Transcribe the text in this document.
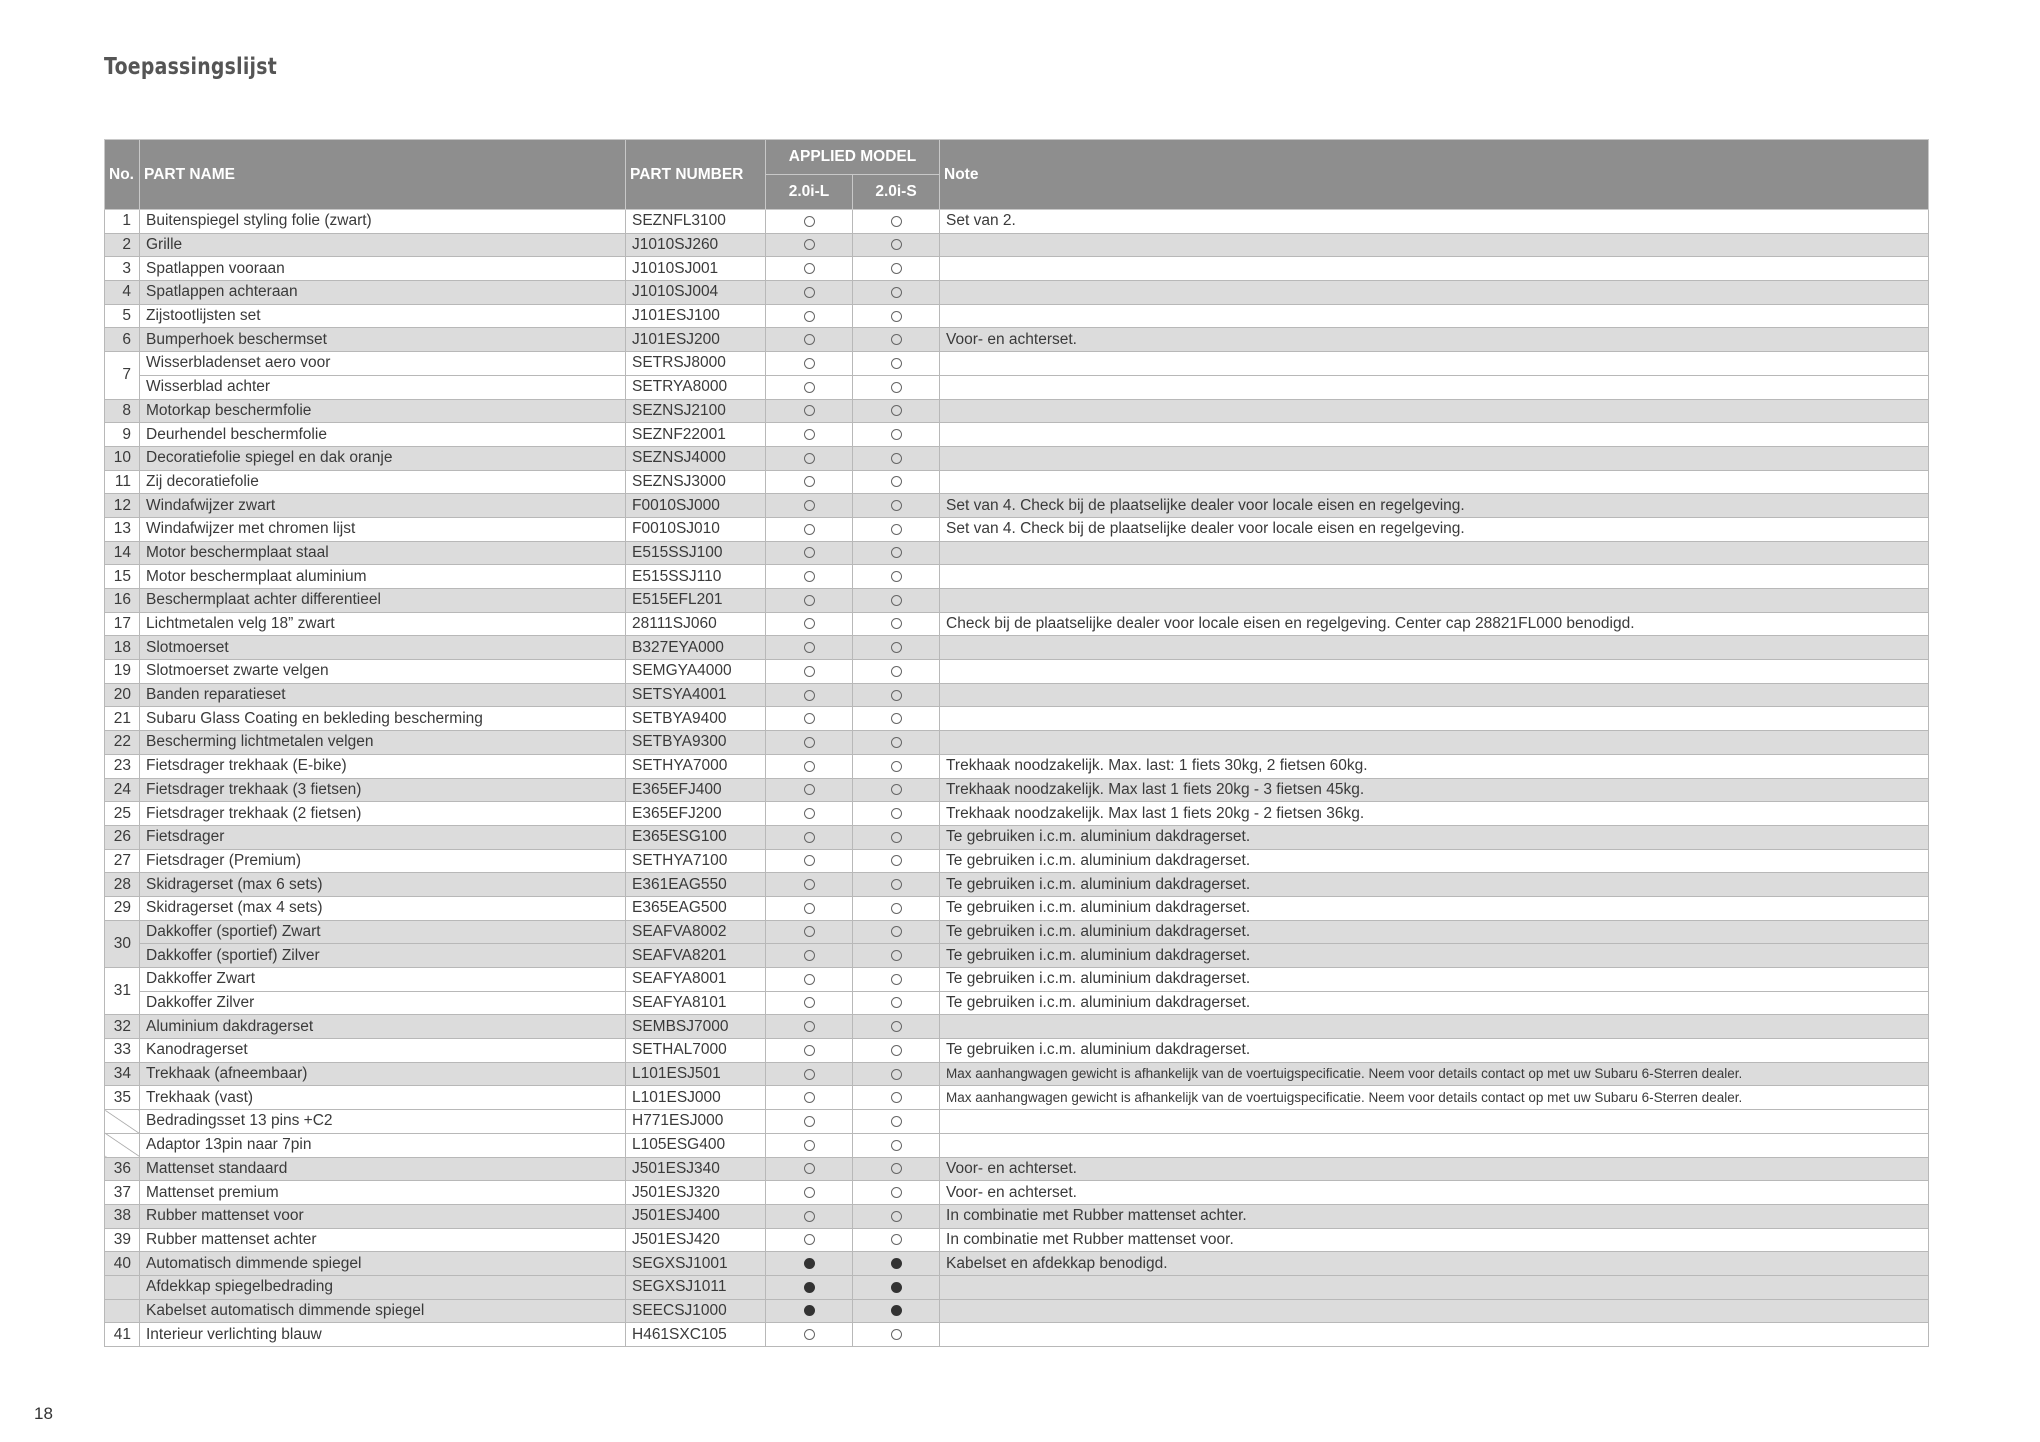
Toepassingslijst
No.	PART NAME	PART NUMBER	APPLIED MODEL		Note
			2.0i-L	2.0i-S	
1	Buitenspiegel styling folie (zwart)	SEZNFL3100			Set van 2.
2	Grille	J1010SJ260			
3	Spatlappen vooraan	J1010SJ001			
4	Spatlappen achteraan	J1010SJ004			
5	Zijstootlijsten set	J101ESJ100			
6	Bumperhoek beschermset	J101ESJ200			Voor- en achterset.
7	Wisserbladenset aero voor	SETRSJ8000			
	Wisserblad achter	SETRYA8000			
8	Motorkap beschermfolie	SEZNSJ2100			
9	Deurhendel beschermfolie	SEZNF22001			
10	Decoratiefolie spiegel en dak oranje	SEZNSJ4000			
11	Zij decoratiefolie	SEZNSJ3000			
12	Windafwijzer zwart	F0010SJ000			Set van 4. Check bij de plaatselijke dealer voor locale eisen en regelgeving.
13	Windafwijzer met chromen lijst	F0010SJ010			Set van 4. Check bij de plaatselijke dealer voor locale eisen en regelgeving.
14	Motor beschermplaat staal	E515SSJ100			
15	Motor beschermplaat aluminium	E515SSJ110			
16	Beschermplaat achter differentieel	E515EFL201			
17	Lichtmetalen velg 18” zwart	28111SJ060			Check bij de plaatselijke dealer voor locale eisen en regelgeving. Center cap 28821FL000 benodigd.
18	Slotmoerset	B327EYA000			
19	Slotmoerset zwarte velgen	SEMGYA4000			
20	Banden reparatieset	SETSYA4001			
21	Subaru Glass Coating en bekleding bescherming	SETBYA9400			
22	Bescherming lichtmetalen velgen	SETBYA9300			
23	Fietsdrager trekhaak (E-bike)	SETHYA7000			Trekhaak noodzakelijk. Max. last: 1 fiets 30kg, 2 fietsen 60kg.
24	Fietsdrager trekhaak (3 fietsen)	E365EFJ400			Trekhaak noodzakelijk. Max last 1 fiets 20kg - 3 fietsen 45kg.
25	Fietsdrager trekhaak (2 fietsen)	E365EFJ200			Trekhaak noodzakelijk. Max last 1 fiets 20kg - 2 fietsen 36kg.
26	Fietsdrager	E365ESG100			Te gebruiken i.c.m. aluminium dakdragerset.
27	Fietsdrager (Premium)	SETHYA7100			Te gebruiken i.c.m. aluminium dakdragerset.
28	Skidragerset (max 6 sets)	E361EAG550			Te gebruiken i.c.m. aluminium dakdragerset.
29	Skidragerset (max 4 sets)	E365EAG500			Te gebruiken i.c.m. aluminium dakdragerset.
30	Dakkoffer (sportief) Zwart	SEAFVA8002			Te gebruiken i.c.m. aluminium dakdragerset.
	Dakkoffer (sportief) Zilver	SEAFVA8201			Te gebruiken i.c.m. aluminium dakdragerset.
31	Dakkoffer Zwart	SEAFYA8001			Te gebruiken i.c.m. aluminium dakdragerset.
	Dakkoffer Zilver	SEAFYA8101			Te gebruiken i.c.m. aluminium dakdragerset.
32	Aluminium dakdragerset	SEMBSJ7000			
33	Kanodragerset	SETHAL7000			Te gebruiken i.c.m. aluminium dakdragerset.
34	Trekhaak (afneembaar)	L101ESJ501			Max aanhangwagen gewicht is afhankelijk van de voertuigspecificatie. Neem voor details contact op met uw Subaru 6-Sterren dealer.
35	Trekhaak (vast)	L101ESJ000			Max aanhangwagen gewicht is afhankelijk van de voertuigspecificatie. Neem voor details contact op met uw Subaru 6-Sterren dealer.
	Bedradingsset 13 pins +C2	H771ESJ000			
	Adaptor 13pin naar 7pin	L105ESG400			
36	Mattenset standaard	J501ESJ340			Voor- en achterset.
37	Mattenset premium	J501ESJ320			Voor- en achterset.
38	Rubber mattenset voor	J501ESJ400			In combinatie met Rubber mattenset achter.
39	Rubber mattenset achter	J501ESJ420			In combinatie met Rubber mattenset voor.
40	Automatisch dimmende spiegel	SEGXSJ1001			Kabelset en afdekkap benodigd.
	Afdekkap spiegelbedrading	SEGXSJ1011			
	Kabelset automatisch dimmende spiegel	SEECSJ1000			
41	Interieur verlichting blauw	H461SXC105			
18
